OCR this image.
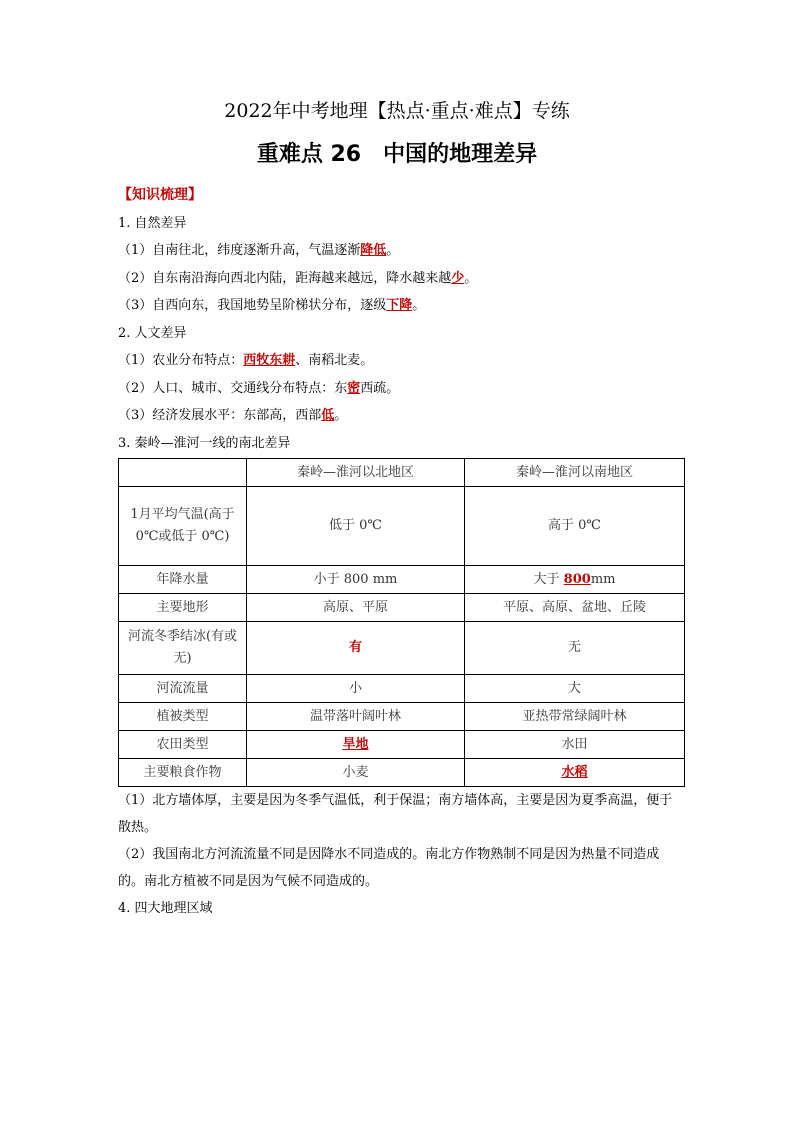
2022年中考地理【热点·重点·难点】专练
重难点 26 中国的地理差异
【知识梳理】
1. 自然差异
（1）自南往北，纬度逐渐升高，气温逐渐降低。
（2）自东南沿海向西北内陆，距海越来越远，降水越来越少。
（3）自西向东，我国地势呈阶梯状分布，逐级下降。
2. 人文差异
（1）农业分布特点：西牧东耕、南稻北麦。
（2）人口、城市、交通线分布特点：东密西疏。
（3）经济发展水平：东部高，西部低。
3. 秦岭—淮河一线的南北差异
	秦岭—淮河以北地区	秦岭—淮河以南地区
1月平均气温(高于 0℃或低于 0℃)	低于 0℃	高于 0℃
年降水量	小于 800 mm	大于 800mm
主要地形	高原、平原	平原、高原、盆地、丘陵
河流冬季结冰(有或无)	有	无
河流流量	小	大
植被类型	温带落叶阔叶林	亚热带常绿阔叶林
农田类型	旱地	水田
主要粮食作物	小麦	水稻
（1）北方墙体厚，主要是因为冬季气温低，利于保温；南方墙体高，主要是因为夏季高温，便于散热。
（2）我国南北方河流流量不同是因降水不同造成的。南北方作物熟制不同是因为热量不同造成的。南北方植被不同是因为气候不同造成的。
4. 四大地理区域
